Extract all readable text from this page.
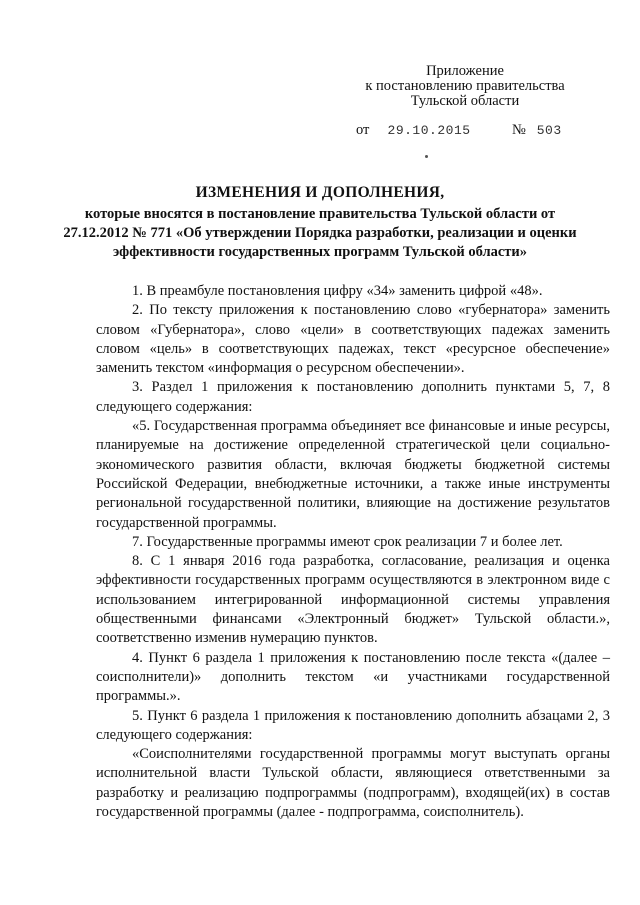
Приложение
к постановлению правительства
Тульской области
от 29.10.2015	№ 503
ИЗМЕНЕНИЯ И ДОПОЛНЕНИЯ,
которые вносятся в постановление правительства Тульской области от 27.12.2012 № 771 «Об утверждении Порядка разработки, реализации и оценки эффективности государственных программ Тульской области»

1. В преамбуле постановления цифру «34» заменить цифрой «48».

2. По тексту приложения к постановлению слово «губернатора» заменить словом «Губернатора», слово «цели» в соответствующих падежах заменить словом «цель» в соответствующих падежах, текст «ресурсное обеспечение» заменить текстом «информация о ресурсном обеспечении».

3. Раздел 1 приложения к постановлению дополнить пунктами 5, 7, 8 следующего содержания:

«5. Государственная программа объединяет все финансовые и иные ресурсы, планируемые на достижение определенной стратегической цели социально-экономического развития области, включая бюджеты бюджетной системы Российской Федерации, внебюджетные источники, а также иные инструменты региональной государственной политики, влияющие на достижение результатов государственной программы.

7. Государственные программы имеют срок реализации 7 и более лет.

8. С 1 января 2016 года разработка, согласование, реализация и оценка эффективности государственных программ осуществляются в электронном виде с использованием интегрированной информационной системы управления общественными финансами «Электронный бюджет» Тульской области.», соответственно изменив нумерацию пунктов.

4. Пункт 6 раздела 1 приложения к постановлению после текста «(далее – соисполнители)» дополнить текстом «и участниками государственной программы.».

5. Пункт 6 раздела 1 приложения к постановлению дополнить абзацами 2, 3 следующего содержания:

«Соисполнителями государственной программы могут выступать органы исполнительной власти Тульской области, являющиеся ответственными за разработку и реализацию подпрограммы (подпрограмм), входящей(их) в состав государственной программы (далее - подпрограмма, соисполнитель).
